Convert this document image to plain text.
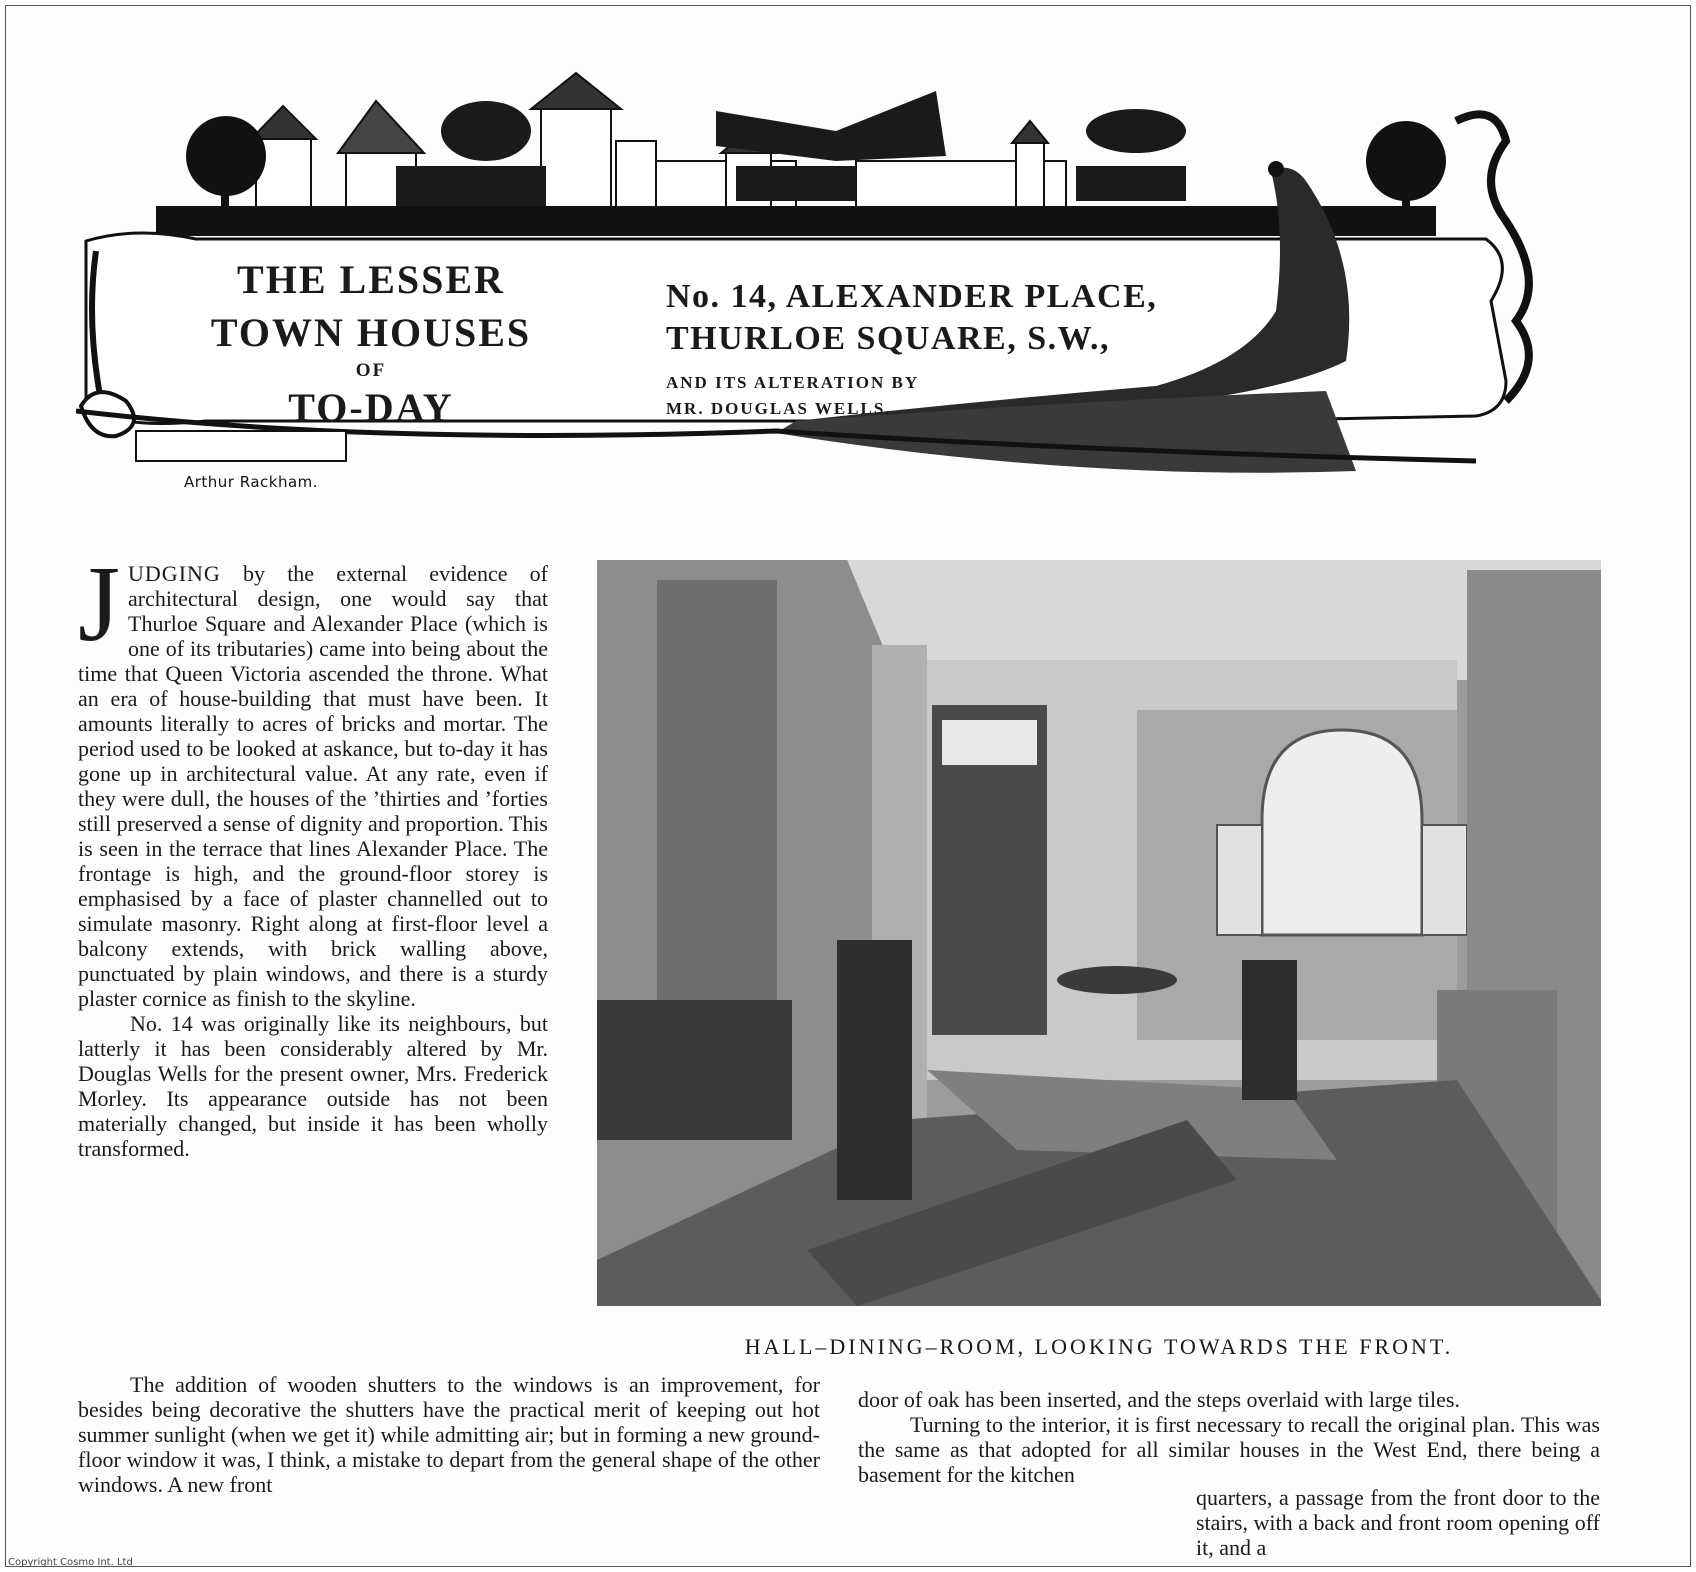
THE LESSER
TOWN HOUSES
OF
TO-DAY
No. 14, ALEXANDER PLACE,
THURLOE SQUARE, S.W.,
AND ITS ALTERATION BY
MR. DOUGLAS WELLS.
Arthur Rackham.
HALL–DINING–ROOM, LOOKING TOWARDS THE FRONT.

JUDGING by the external evidence of architectural design, one would say that Thurloe Square and Alexander Place (which is one of its tributaries) came into being about the time that Queen Victoria ascended the throne. What an era of house-building that must have been. It amounts literally to acres of bricks and mortar. The period used to be looked at askance, but to-day it has gone up in architectural value. At any rate, even if they were dull, the houses of the ’thirties and ’forties still preserved a sense of dignity and proportion. This is seen in the terrace that lines Alexander Place. The frontage is high, and the ground-floor storey is emphasised by a face of plaster channelled out to simulate masonry. Right along at first-floor level a balcony extends, with brick walling above, punctuated by plain windows, and there is a sturdy plaster cornice as finish to the skyline.

No. 14 was originally like its neighbours, but latterly it has been considerably altered by Mr. Douglas Wells for the present owner, Mrs. Frederick Morley. Its appearance outside has not been materially changed, but inside it has been wholly transformed.

The addition of wooden shutters to the windows is an improvement, for besides being decorative the shutters have the practical merit of keeping out hot summer sunlight (when we get it) while admitting air; but in forming a new ground-floor window it was, I think, a mistake to depart from the general shape of the other windows. A new front

door of oak has been inserted, and the steps overlaid with large tiles.

Turning to the interior, it is first necessary to recall the original plan. This was the same as that adopted for all similar houses in the West End, there being a basement for the kitchen

quarters, a passage from the front door to the stairs, with a back and front room opening off it, and a

Copyright Cosmo Int. Ltd
